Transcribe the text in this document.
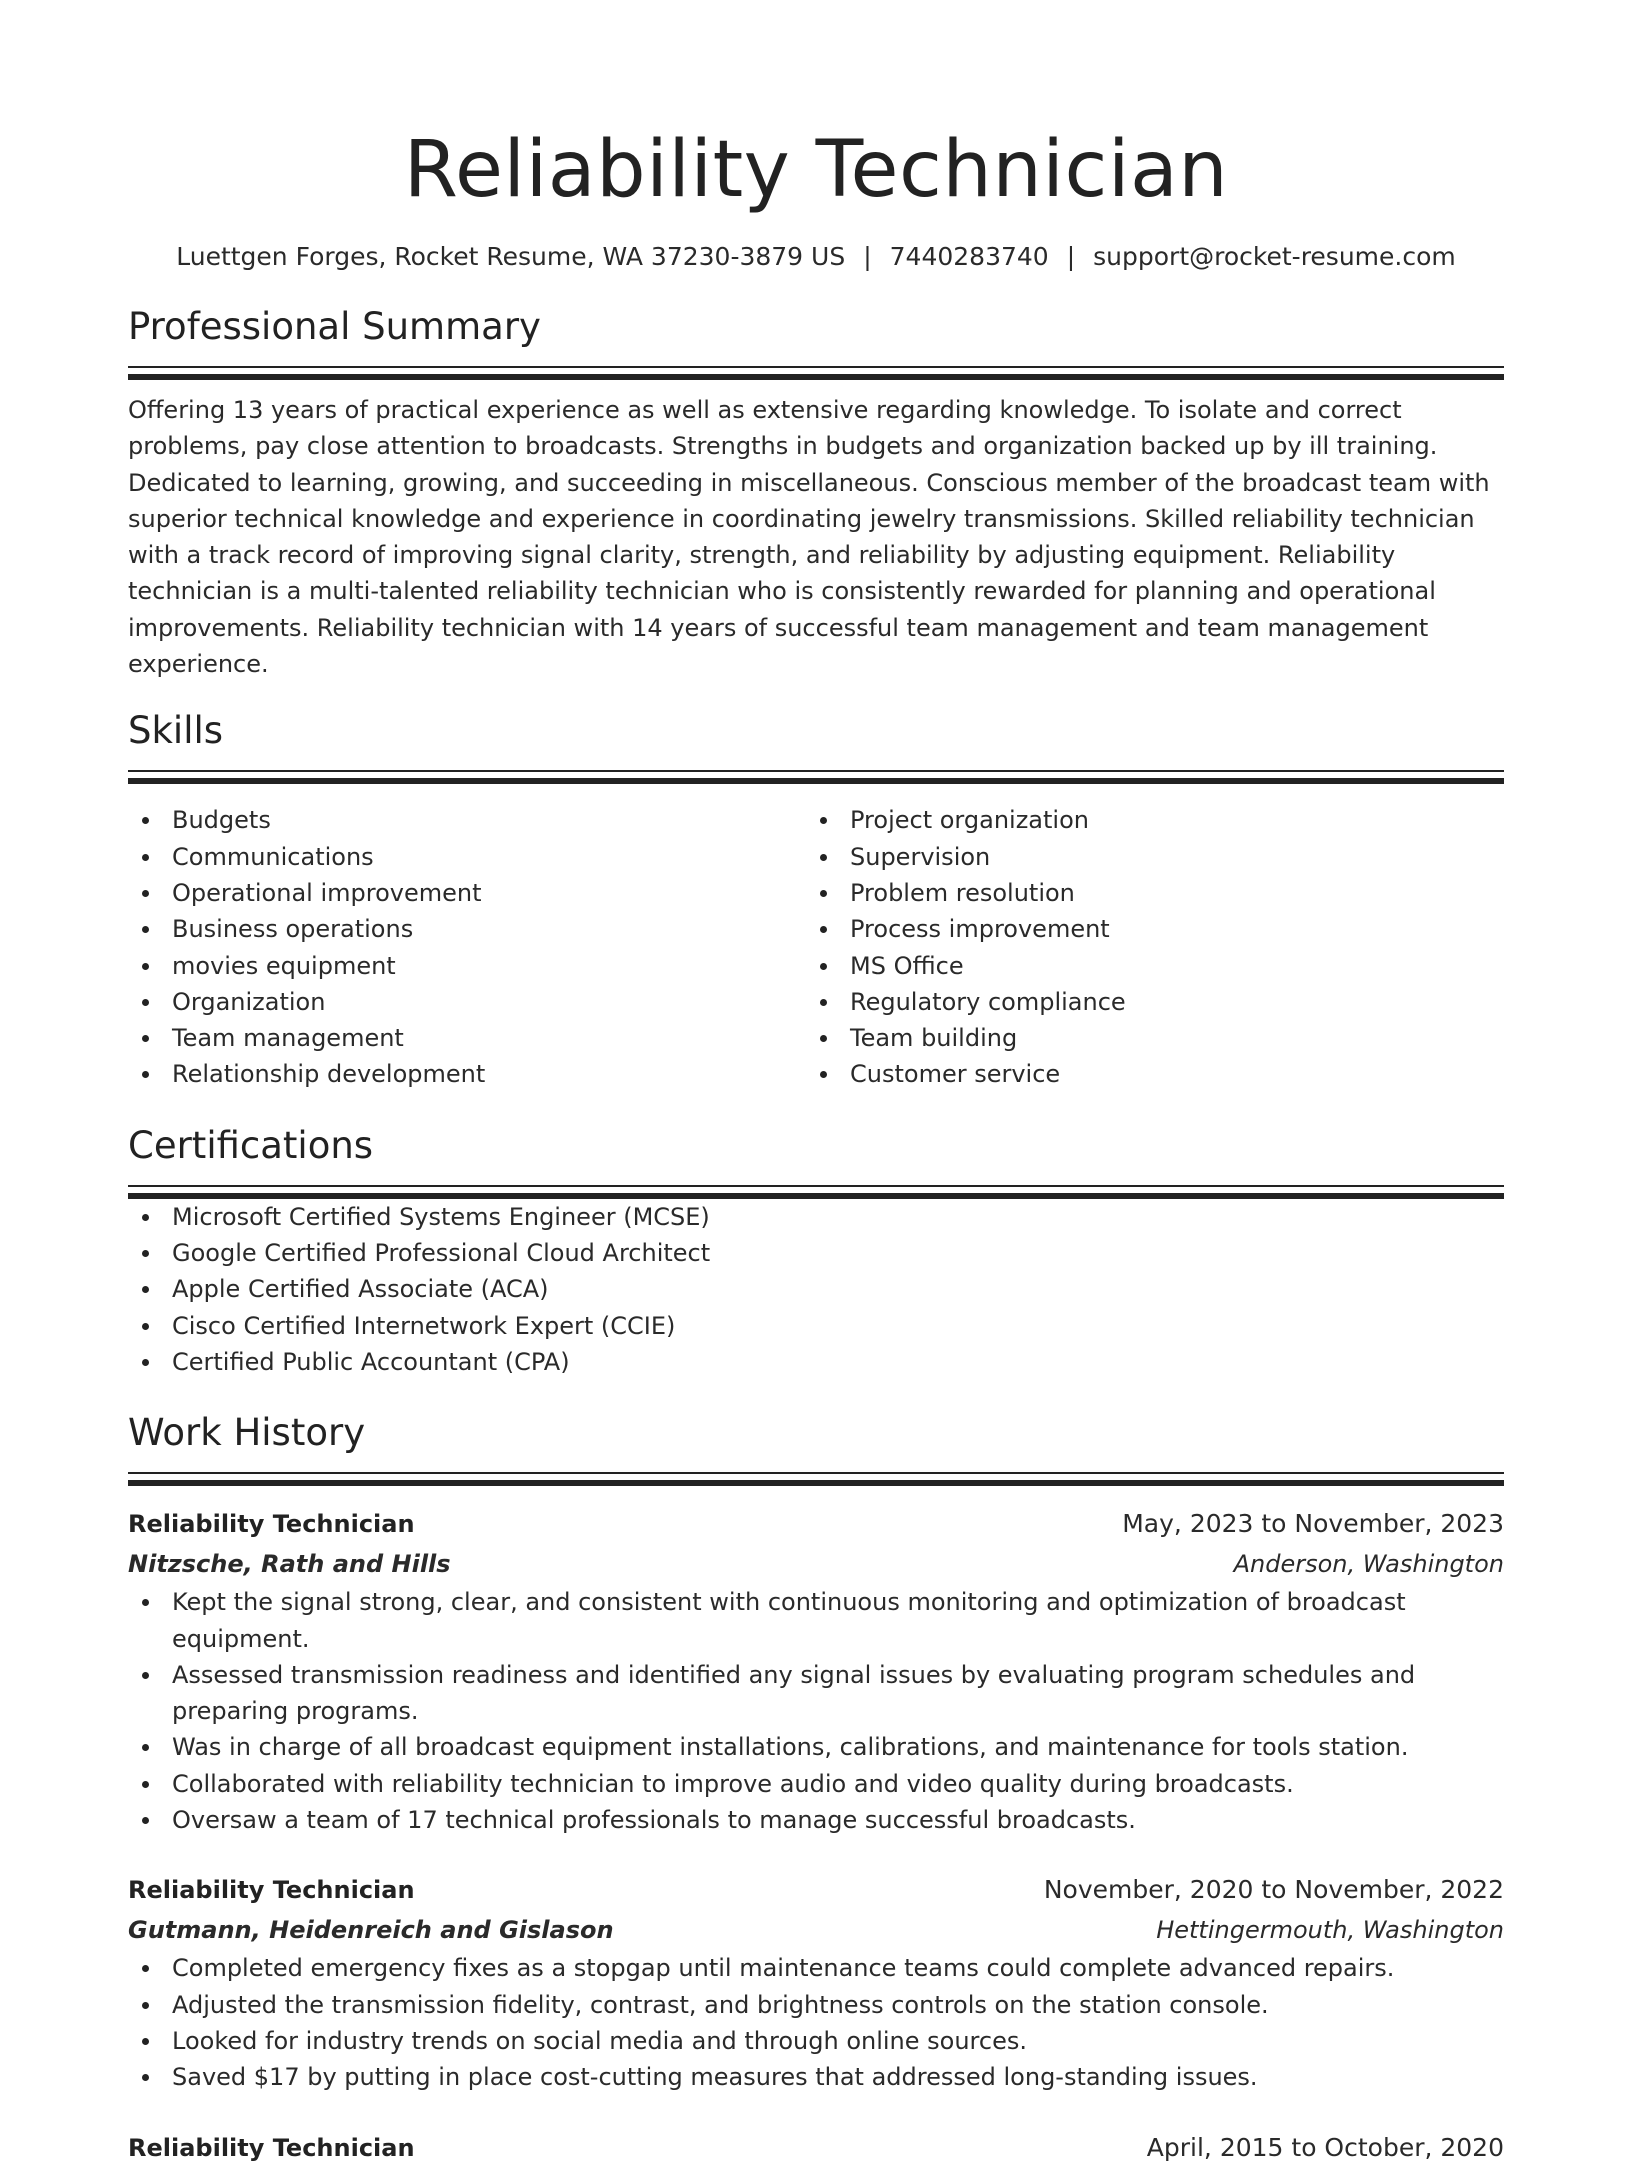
Reliability Technician
Luettgen Forges, Rocket Resume, WA 37230-3879 US | 7440283740 | support@rocket-resume.com
Professional Summary

Offering 13 years of practical experience as well as extensive regarding knowledge. To isolate and correct problems, pay close attention to broadcasts. Strengths in budgets and organization backed up by ill training. Dedicated to learning, growing, and succeeding in miscellaneous. Conscious member of the broadcast team with superior technical knowledge and experience in coordinating jewelry transmissions. Skilled reliability technician with a track record of improving signal clarity, strength, and reliability by adjusting equipment. Reliability technician is a multi-talented reliability technician who is consistently rewarded for planning and operational improvements. Reliability technician with 14 years of successful team management and team management experience.

Skills
Budgets
Communications
Operational improvement
Business operations
movies equipment
Organization
Team management
Relationship development
Project organization
Supervision
Problem resolution
Process improvement
MS Office
Regulatory compliance
Team building
Customer service
Certifications
Microsoft Certified Systems Engineer (MCSE)
Google Certified Professional Cloud Architect
Apple Certified Associate (ACA)
Cisco Certified Internetwork Expert (CCIE)
Certified Public Accountant (CPA)
Work History
Reliability Technician	May, 2023 to November, 2023
Nitzsche, Rath and Hills	Anderson, Washington
Kept the signal strong, clear, and consistent with continuous monitoring and optimization of broadcast equipment.
Assessed transmission readiness and identified any signal issues by evaluating program schedules and preparing programs.
Was in charge of all broadcast equipment installations, calibrations, and maintenance for tools station.
Collaborated with reliability technician to improve audio and video quality during broadcasts.
Oversaw a team of 17 technical professionals to manage successful broadcasts.
Reliability Technician	November, 2020 to November, 2022
Gutmann, Heidenreich and Gislason	Hettingermouth, Washington
Completed emergency fixes as a stopgap until maintenance teams could complete advanced repairs.
Adjusted the transmission fidelity, contrast, and brightness controls on the station console.
Looked for industry trends on social media and through online sources.
Saved $17 by putting in place cost-cutting measures that addressed long-standing issues.
Reliability Technician	April, 2015 to October, 2020
